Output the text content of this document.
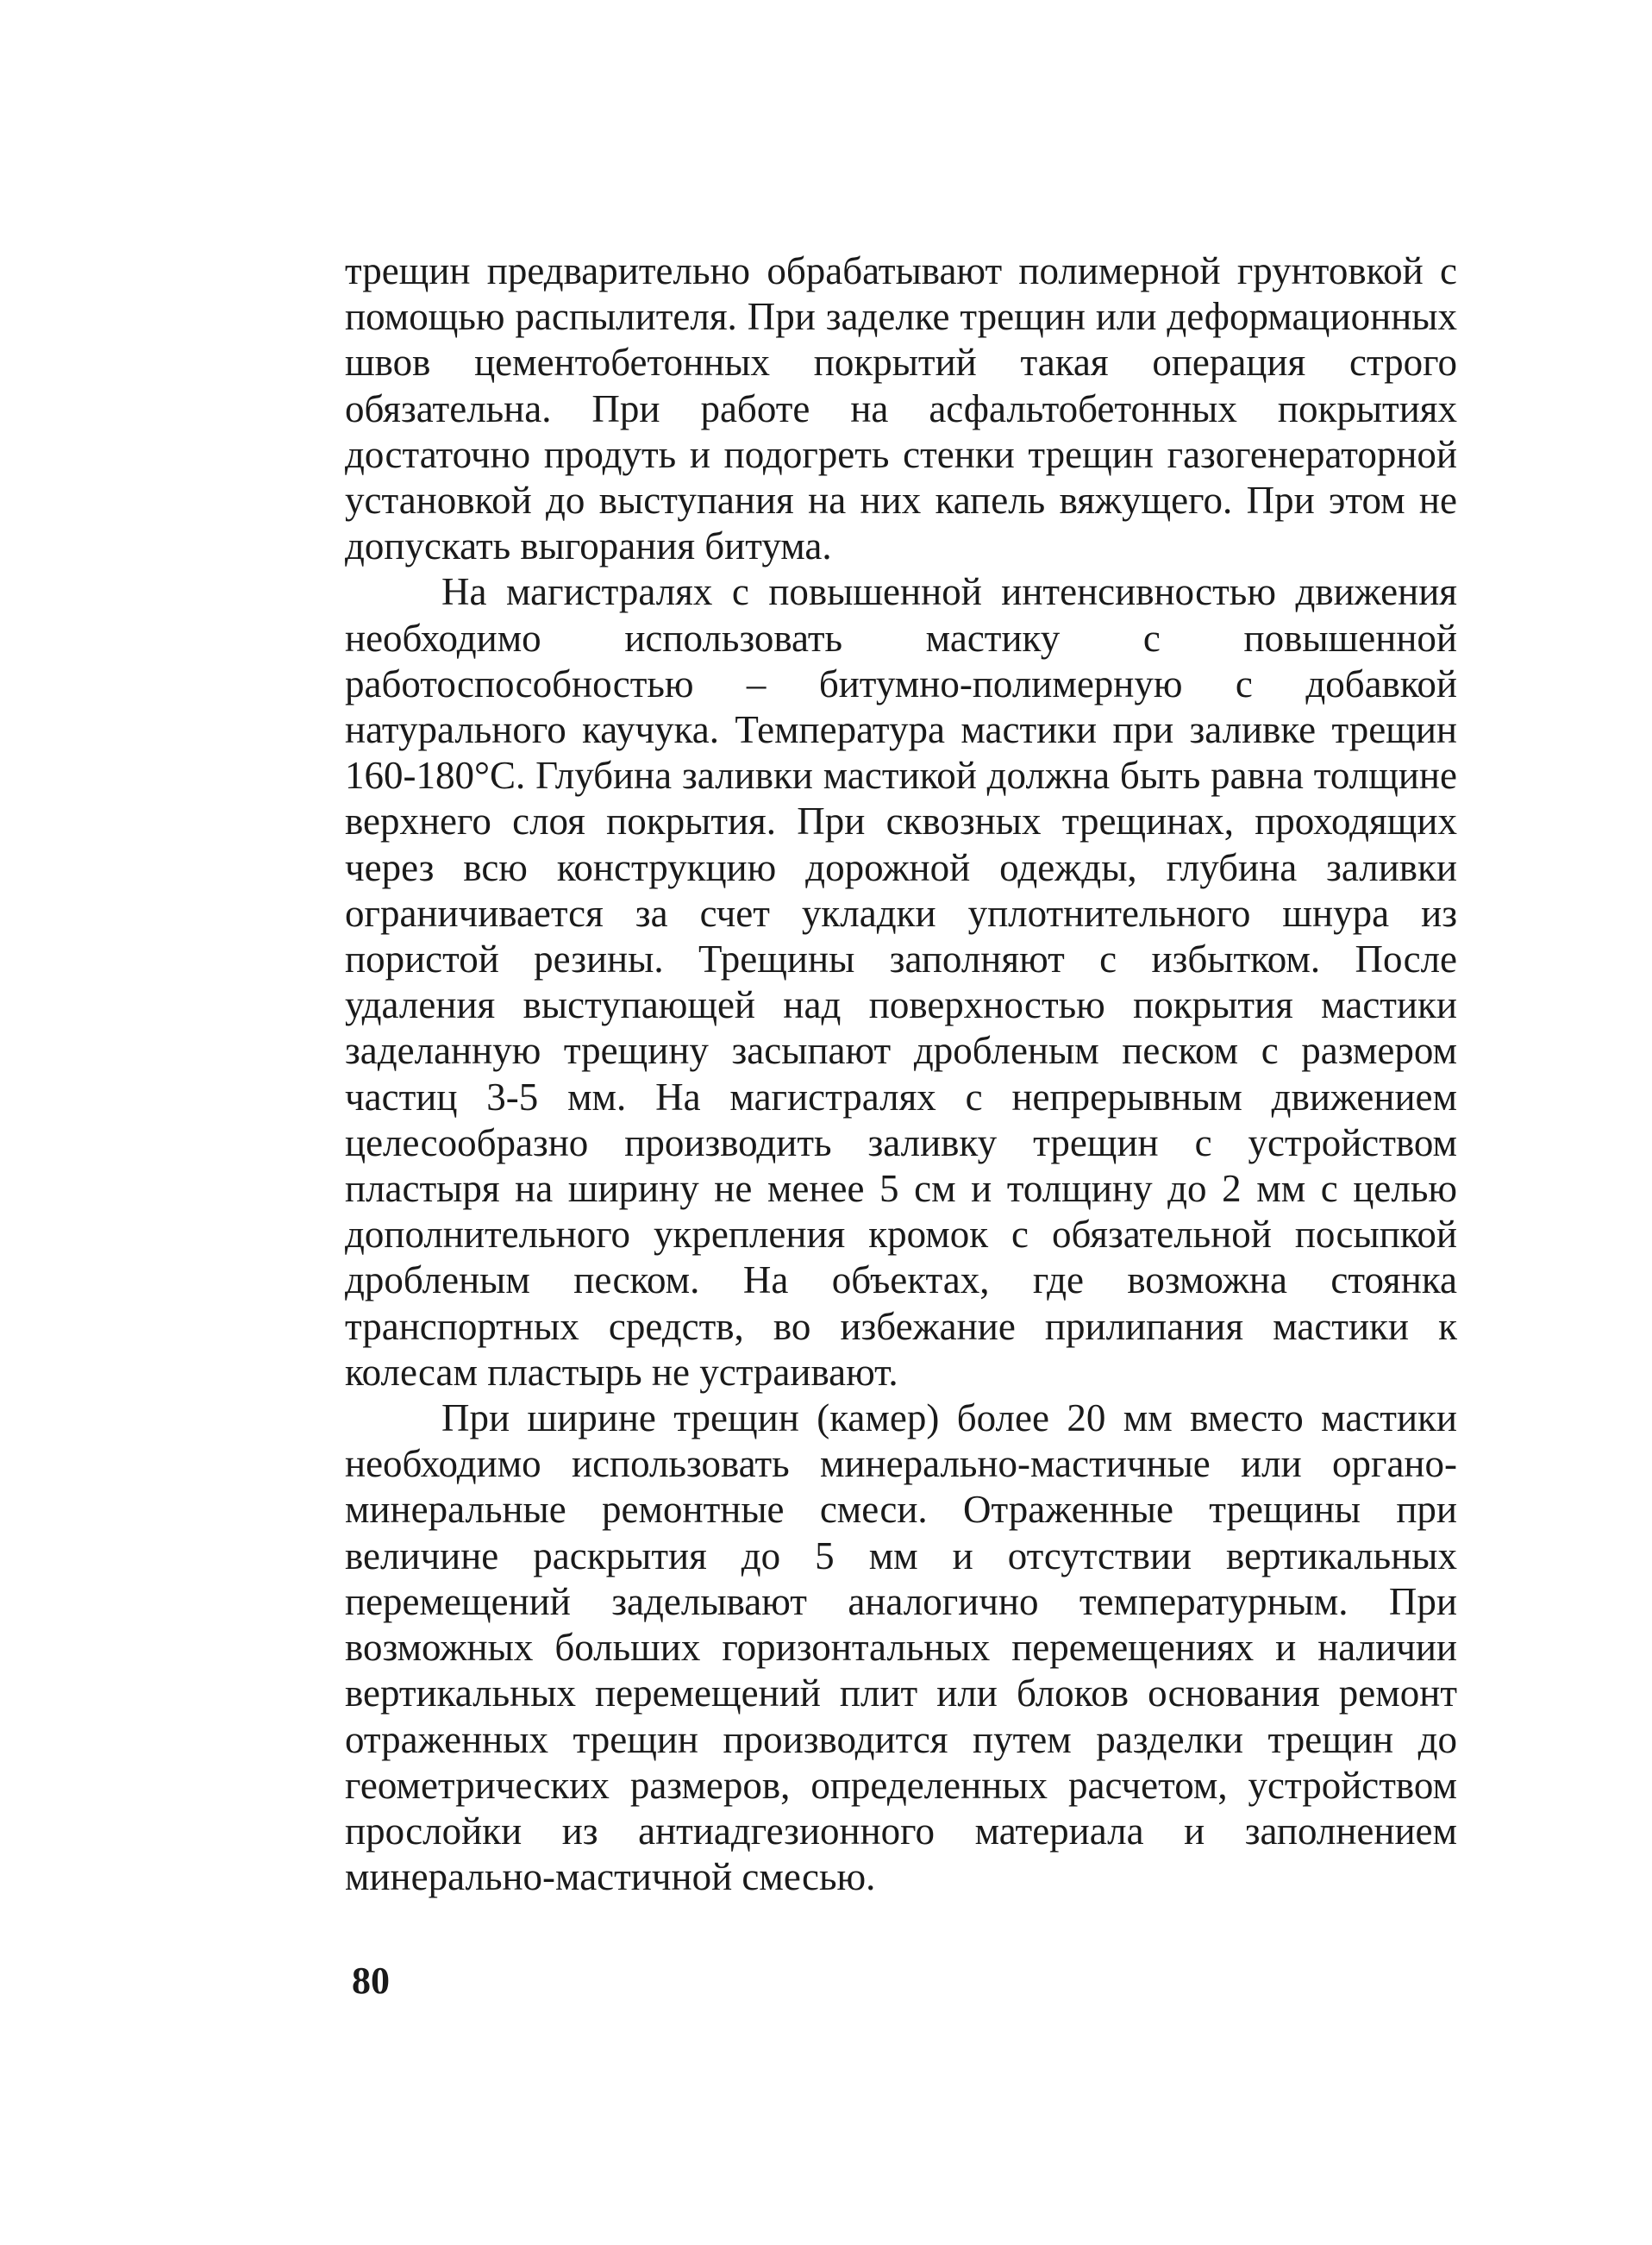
трещин предварительно обрабатывают полимерной грунтовкой с помощью распылителя. При заделке трещин или деформационных швов цементобетонных покрытий такая операция строго обязательна. При работе на асфальтобетонных покрытиях достаточно продуть и подогреть стенки трещин газогенераторной установкой до выступания на них капель вяжущего. При этом не допускать выгорания битума.

На магистралях с повышенной интенсивностью движения необходимо использовать мастику с повышенной работоспособностью – битумно-полимерную с добавкой натурального каучука. Температура мастики при заливке трещин 160-180°С. Глубина заливки мастикой должна быть равна толщине верхнего слоя покрытия. При сквозных трещинах, проходящих через всю конструкцию дорожной одежды, глубина заливки ограничивается за счет укладки уплотнительного шнура из пористой резины. Трещины заполняют с избытком. После удаления выступающей над поверхностью покрытия мастики заделанную трещину засыпают дробленым песком с размером частиц 3-5 мм. На магистралях с непрерывным движением целесообразно производить заливку трещин с устройством пластыря на ширину не менее 5 см и толщину до 2 мм с целью дополнительного укрепления кромок с обязательной посыпкой дробленым песком. На объектах, где возможна стоянка транспортных средств, во избежание прилипания мастики к колесам пластырь не устраивают.

При ширине трещин (камер) более 20 мм вместо мастики необходимо использовать минерально-мастичные или органо-минеральные ремонтные смеси. Отраженные трещины при величине раскрытия до 5 мм и отсутствии вертикальных перемещений заделывают аналогично температурным. При возможных больших горизонтальных перемещениях и наличии вертикальных перемещений плит или блоков основания ремонт отраженных трещин производится путем разделки трещин до геометрических размеров, определенных расчетом, устройством прослойки из антиадгезионного материала и заполнением минерально-мастичной смесью.

80
